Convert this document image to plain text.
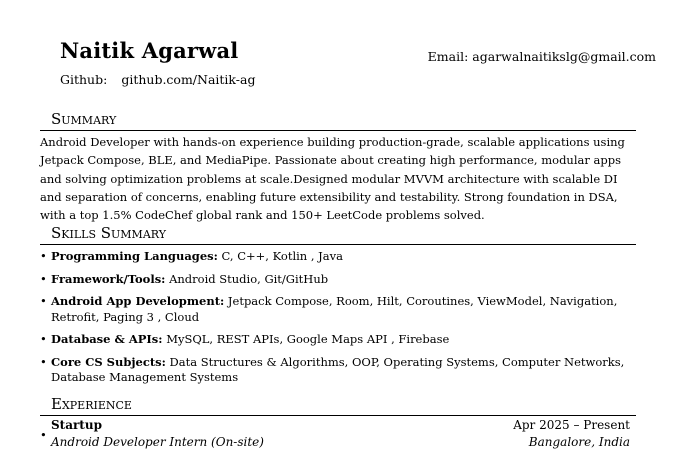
Naitik Agarwal	Email: agarwalnaitikslg@gmail.com
Github: github.com/Naitik-ag
Summary

Android Developer with hands-on experience building production-grade, scalable applications using Jetpack Compose, BLE, and MediaPipe. Passionate about creating high performance, modular apps and solving optimization problems at scale.Designed modular MVVM architecture with scalable DI and separation of concerns, enabling future extensibility and testability. Strong foundation in DSA, with a top 1.5% CodeChef global rank and 150+ LeetCode problems solved.

Skills Summary
• Programming Languages: C, C++, Kotlin , Java
• Framework/Tools: Android Studio, Git/GitHub
• Android App Development: Jetpack Compose, Room, Hilt, Coroutines, ViewModel, Navigation, Retrofit, Paging 3 , Cloud
• Database & APIs: MySQL, REST APIs, Google Maps API , Firebase
• Core CS Subjects: Data Structures & Algorithms, OOP, Operating Systems, Computer Networks, Database Management Systems
Experience
•
Startup	Apr 2025 – Present
Android Developer Intern (On-site)	Bangalore, India
